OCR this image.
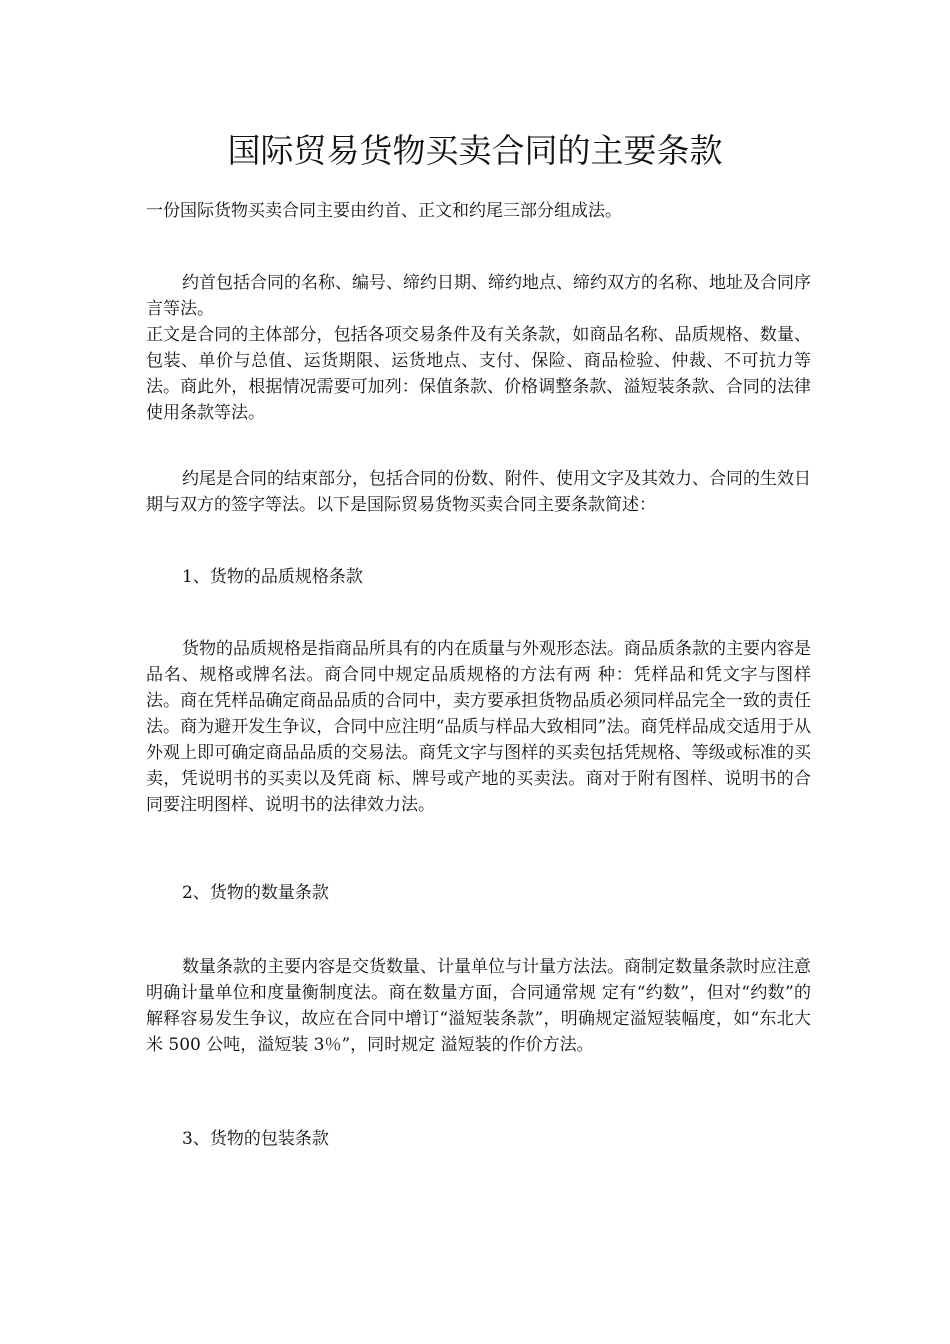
国际贸易货物买卖合同的主要条款

一份国际货物买卖合同主要由约首、正文和约尾三部分组成法。

约首包括合同的名称、编号、缔约日期、缔约地点、缔约双方的名称、地址及合同序言等法。

正文是合同的主体部分，包括各项交易条件及有关条款，如商品名称、品质规格、数量、包装、单价与总值、运货期限、运货地点、支付、保险、商品检验、仲裁、不可抗力等法。商此外，根据情况需要可加列：保值条款、价格调整条款、溢短装条款、合同的法律使用条款等法。

约尾是合同的结束部分，包括合同的份数、附件、使用文字及其效力、合同的生效日期与双方的签字等法。以下是国际贸易货物买卖合同主要条款简述：

1、货物的品质规格条款

货物的品质规格是指商品所具有的内在质量与外观形态法。商品质条款的主要内容是品名、规格或牌名法。商合同中规定品质规格的方法有两 种：凭样品和凭文字与图样法。商在凭样品确定商品品质的合同中，卖方要承担货物品质必须同样品完全一致的责任法。商为避开发生争议，合同中应注明“品质与样品大致相同”法。商凭样品成交适用于从外观上即可确定商品品质的交易法。商凭文字与图样的买卖包括凭规格、等级或标准的买卖，凭说明书的买卖以及凭商 标、牌号或产地的买卖法。商对于附有图样、说明书的合同要注明图样、说明书的法律效力法。

2、货物的数量条款

数量条款的主要内容是交货数量、计量单位与计量方法法。商制定数量条款时应注意明确计量单位和度量衡制度法。商在数量方面，合同通常规 定有“约数”，但对“约数”的解释容易发生争议，故应在合同中增订“溢短装条款”，明确规定溢短装幅度，如“东北大米 500 公吨，溢短装 3％”，同时规定 溢短装的作价方法。

3、货物的包装条款
